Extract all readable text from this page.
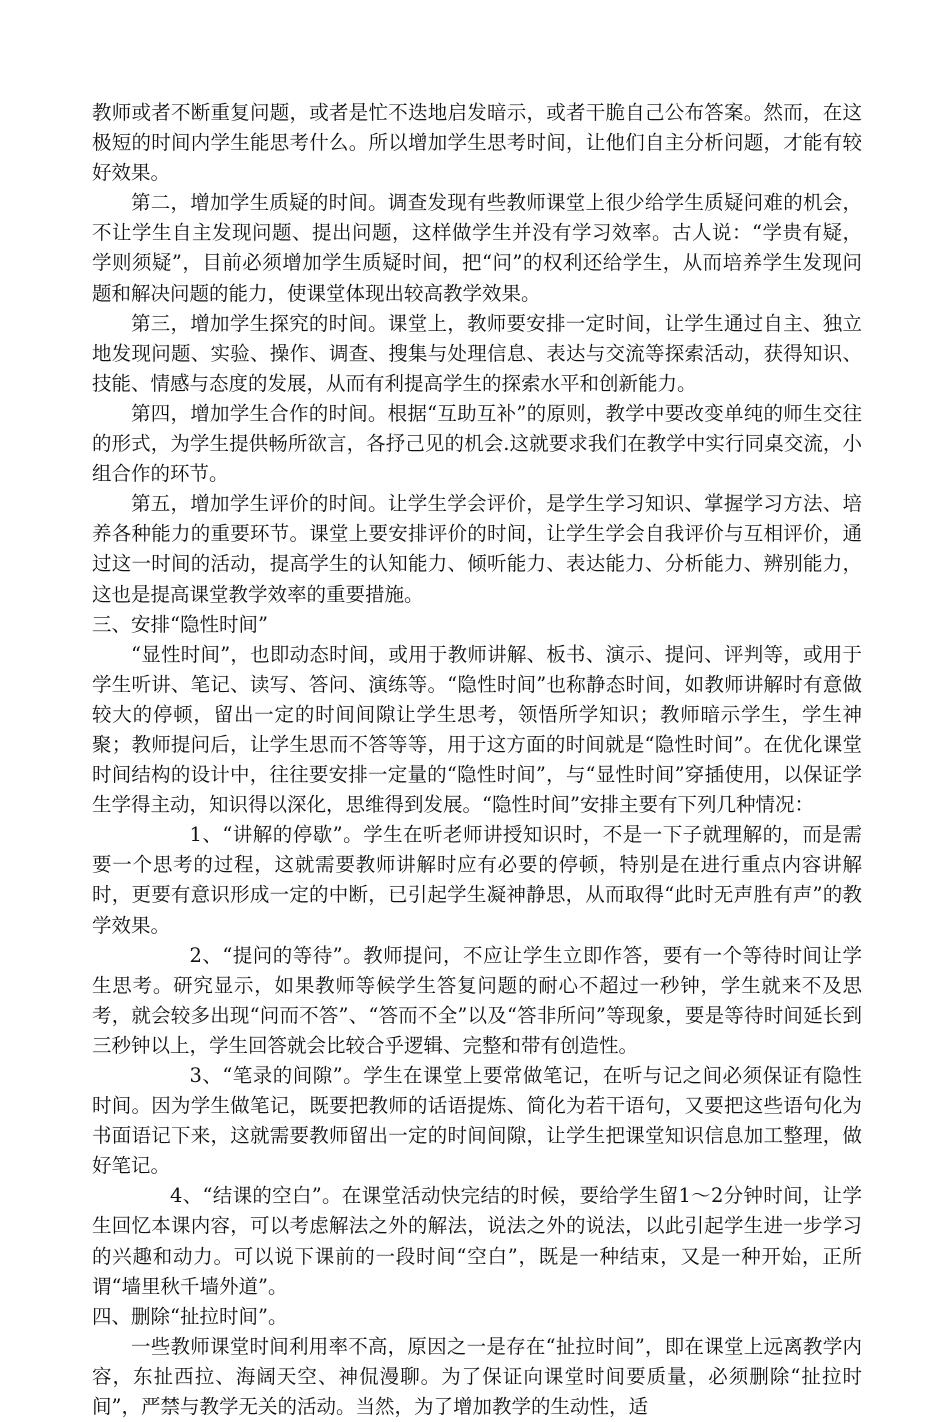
教师或者不断重复问题，或者是忙不迭地启发暗示，或者干脆自己公布答案。然而，在这极短的时间内学生能思考什么。所以增加学生思考时间，让他们自主分析问题，才能有较好效果。

第二，增加学生质疑的时间。调查发现有些教师课堂上很少给学生质疑问难的机会，不让学生自主发现问题、提出问题，这样做学生并没有学习效率。古人说：“学贵有疑，学则须疑”，目前必须增加学生质疑时间，把“问”的权利还给学生，从而培养学生发现问题和解决问题的能力，使课堂体现出较高教学效果。

第三，增加学生探究的时间。课堂上，教师要安排一定时间，让学生通过自主、独立地发现问题、实验、操作、调查、搜集与处理信息、表达与交流等探索活动，获得知识、技能、情感与态度的发展，从而有利提高学生的探索水平和创新能力。

第四，增加学生合作的时间。根据“互助互补”的原则，教学中要改变单纯的师生交往的形式，为学生提供畅所欲言，各抒己见的机会.这就要求我们在教学中实行同桌交流，小组合作的环节。

第五，增加学生评价的时间。让学生学会评价，是学生学习知识、掌握学习方法、培养各种能力的重要环节。课堂上要安排评价的时间，让学生学会自我评价与互相评价，通过这一时间的活动，提高学生的认知能力、倾听能力、表达能力、分析能力、辨别能力，这也是提高课堂教学效率的重要措施。

三、安排“隐性时间”

“显性时间”，也即动态时间，或用于教师讲解、板书、演示、提问、评判等，或用于学生听讲、笔记、读写、答问、演练等。“隐性时间”也称静态时间，如教师讲解时有意做较大的停顿，留出一定的时间间隙让学生思考，领悟所学知识；教师暗示学生，学生神聚；教师提问后，让学生思而不答等等，用于这方面的时间就是“隐性时间”。在优化课堂时间结构的设计中，往往要安排一定量的“隐性时间”，与“显性时间”穿插使用，以保证学生学得主动，知识得以深化，思维得到发展。“隐性时间”安排主要有下列几种情况：

1、“讲解的停歇”。学生在听老师讲授知识时，不是一下子就理解的，而是需要一个思考的过程，这就需要教师讲解时应有必要的停顿，特别是在进行重点内容讲解时，更要有意识形成一定的中断，已引起学生凝神静思，从而取得“此时无声胜有声”的教学效果。

2、“提问的等待”。教师提问，不应让学生立即作答，要有一个等待时间让学生思考。研究显示，如果教师等候学生答复问题的耐心不超过一秒钟，学生就来不及思考，就会较多出现“问而不答”、“答而不全”以及“答非所问”等现象，要是等待时间延长到三秒钟以上，学生回答就会比较合乎逻辑、完整和带有创造性。

3、“笔录的间隙”。学生在课堂上要常做笔记，在听与记之间必须保证有隐性时间。因为学生做笔记，既要把教师的话语提炼、简化为若干语句，又要把这些语句化为书面语记下来，这就需要教师留出一定的时间间隙，让学生把课堂知识信息加工整理，做好笔记。

4、“结课的空白”。在课堂活动快完结的时候，要给学生留1～2分钟时间，让学生回忆本课内容，可以考虑解法之外的解法，说法之外的说法，以此引起学生进一步学习的兴趣和动力。可以说下课前的一段时间“空白”，既是一种结束，又是一种开始，正所谓“墙里秋千墙外道”。

四、删除“扯拉时间”。

一些教师课堂时间利用率不高，原因之一是存在“扯拉时间”，即在课堂上远离教学内容，东扯西拉、海阔天空、神侃漫聊。为了保证向课堂时间要质量，必须删除“扯拉时间”，严禁与教学无关的活动。当然，为了增加教学的生动性，适
